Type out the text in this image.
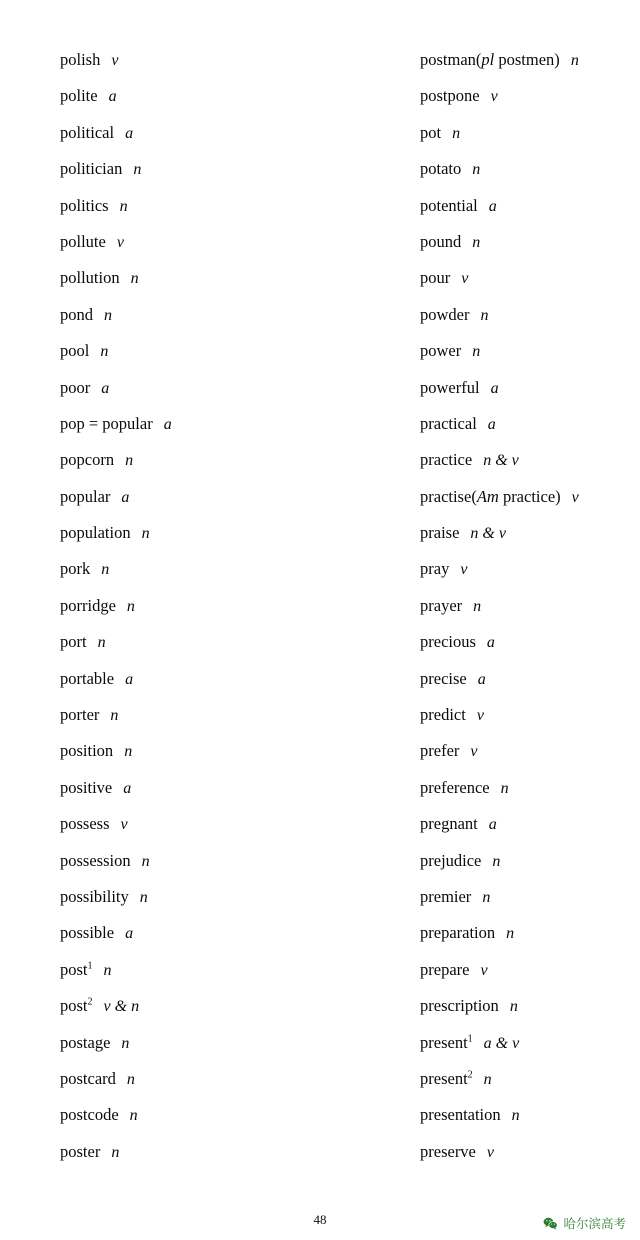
polish v
polite a
political a
politician n
politics n
pollute v
pollution n
pond n
pool n
poor a
pop = popular a
popcorn n
popular a
population n
pork n
porridge n
port n
portable a
porter n
position n
positive a
possess v
possession n
possibility n
possible a
post$^1$ n
post$^2$ v & n
postage n
postcard n
postcode n
poster n
postman(pl postmen) n
postpone v
pot n
potato n
potential a
pound n
pour v
powder n
power n
powerful a
practical a
practice n & v
practise(Am practice) v
praise n & v
pray v
prayer n
precious a
precise a
predict v
prefer v
preference n
pregnant a
prejudice n
premier n
preparation n
prepare v
prescription n
present$^1$ a & v
present$^2$ n
presentation n
preserve v
48	哈尔滨高考
